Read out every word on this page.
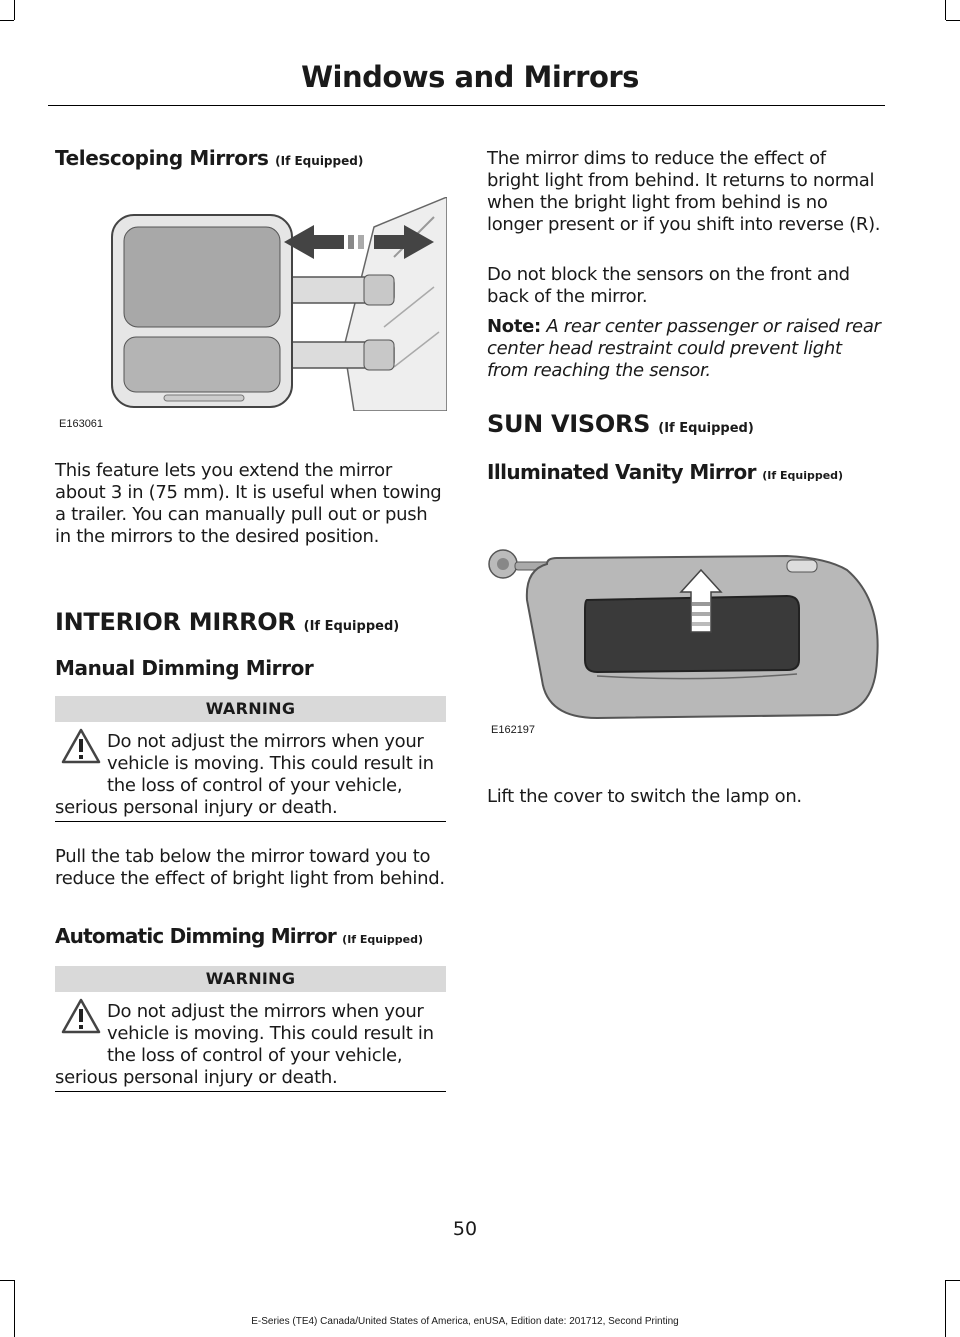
Windows and Mirrors
Telescoping Mirrors (If Equipped)
E163061
This feature lets you extend the mirror about 3 in (75 mm). It is useful when towing a trailer. You can manually pull out or push in the mirrors to the desired position.
INTERIOR MIRROR (If Equipped)
Manual Dimming Mirror
WARNING
Do not adjust the mirrors when your vehicle is moving. This could result in the loss of control of your vehicle, serious personal injury or death.
Pull the tab below the mirror toward you to reduce the effect of bright light from behind.
Automatic Dimming Mirror (If Equipped)
WARNING
Do not adjust the mirrors when your vehicle is moving. This could result in the loss of control of your vehicle, serious personal injury or death.
The mirror dims to reduce the effect of bright light from behind. It returns to normal when the bright light from behind is no longer present or if you shift into reverse (R).
Do not block the sensors on the front and back of the mirror.
Note: A rear center passenger or raised rear center head restraint could prevent light from reaching the sensor.
SUN VISORS (If Equipped)
Illuminated Vanity Mirror (If Equipped)
E162197
Lift the cover to switch the lamp on.
50
E-Series (TE4) Canada/United States of America, enUSA, Edition date: 201712, Second Printing
